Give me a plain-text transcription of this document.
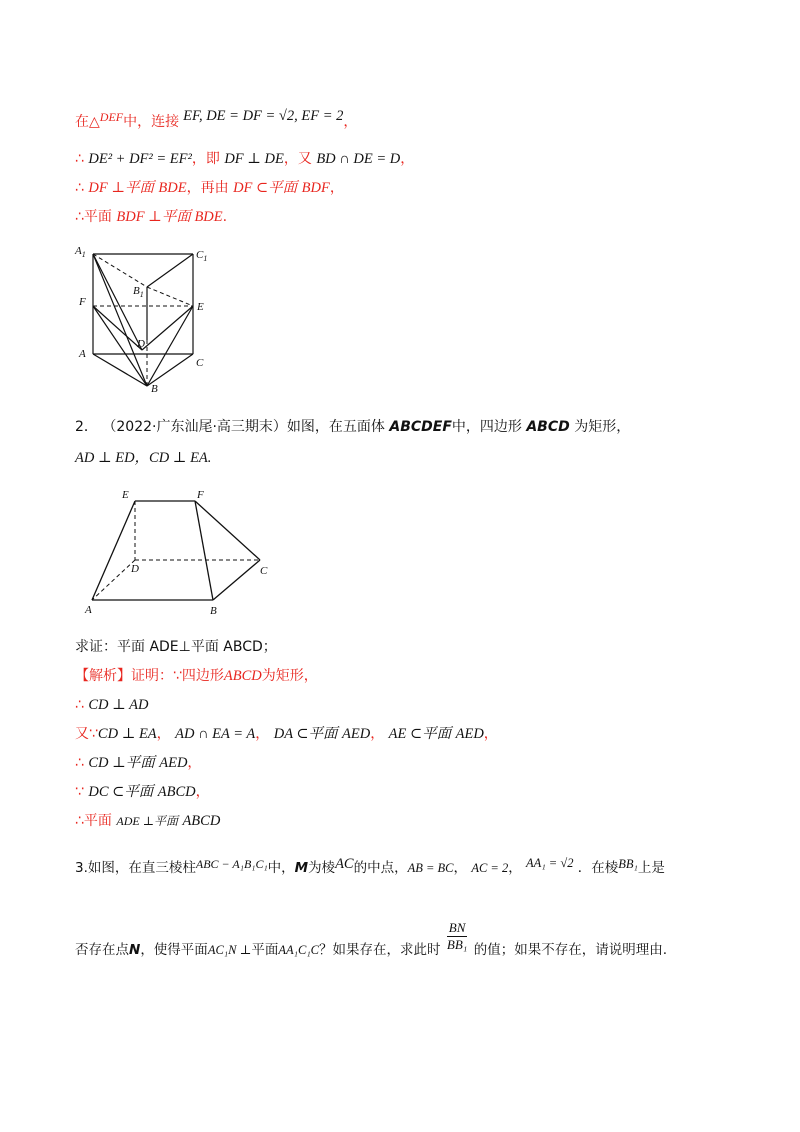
在△DEF中，连接 EF, DE = DF = √2, EF = 2，
∴ DE² + DF² = EF²，即 DF ⊥ DE，又 BD ∩ DE = D，
∴ DF ⊥平面 BDE，再由 DF ⊂平面 BDF，
∴平面 BDF ⊥平面 BDE.
$A_1$	$C_1$
$B_1$
F	E
A
D
C
B
2． （2022·广东汕尾·高三期末）如图，在五面体 ABCDEF中，四边形 ABCD 为矩形，
AD ⊥ ED，CD ⊥ EA.
E	F
D	C
A	B
求证：平面 ADE⊥平面 ABCD；
【解析】证明：∵四边形ABCD为矩形，
∴ CD ⊥ AD
又∵CD ⊥ EA， AD ∩ EA = A， DA ⊂平面 AED， AE ⊂平面 AED，
∴ CD ⊥平面 AED，
∵ DC ⊂平面 ABCD，
∴平面 ADE ⊥平面 ABCD
3.如图，在直三棱柱ABC − A₁B₁C₁中，M为棱AC的中点，AB = BC， AC = 2， AA₁ = √2 ．在棱BB₁上是
否存在点N，使得平面AC₁N ⊥平面AA₁C₁C？如果存在，求此时 $\frac{BN}{\text{BB₁}}$ 的值；如果不存在，请说明理由.
